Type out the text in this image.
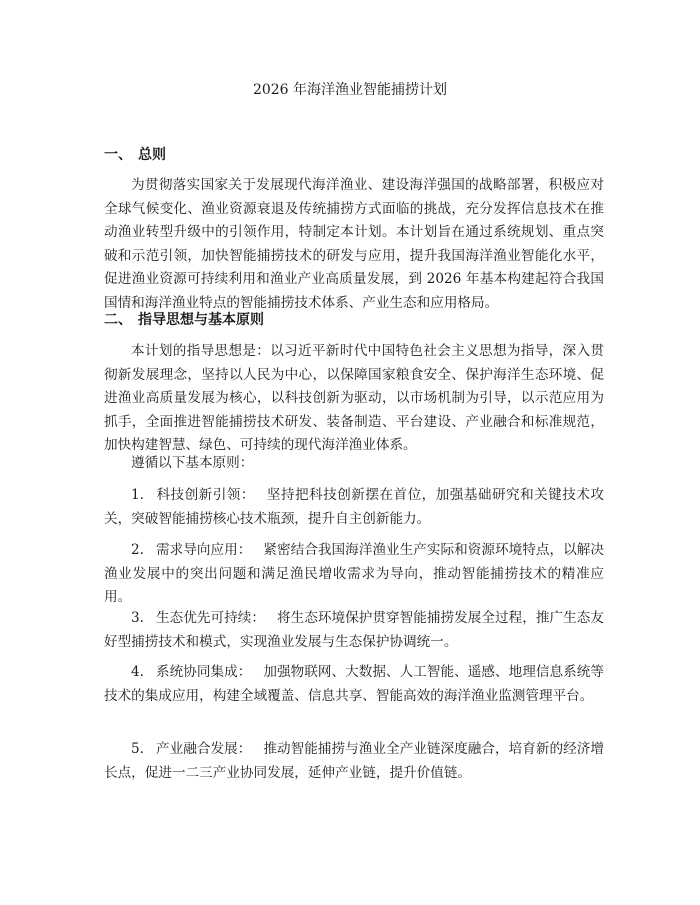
2026 年海洋渔业智能捕捞计划
一、 总则

为贯彻落实国家关于发展现代海洋渔业、建设海洋强国的战略部署，积极应对全球气候变化、渔业资源衰退及传统捕捞方式面临的挑战，充分发挥信息技术在推动渔业转型升级中的引领作用，特制定本计划。本计划旨在通过系统规划、重点突破和示范引领，加快智能捕捞技术的研发与应用，提升我国海洋渔业智能化水平，促进渔业资源可持续利用和渔业产业高质量发展，到 2026 年基本构建起符合我国国情和海洋渔业特点的智能捕捞技术体系、产业生态和应用格局。

二、 指导思想与基本原则

本计划的指导思想是：以习近平新时代中国特色社会主义思想为指导，深入贯彻新发展理念，坚持以人民为中心，以保障国家粮食安全、保护海洋生态环境、促进渔业高质量发展为核心，以科技创新为驱动，以市场机制为引导，以示范应用为抓手，全面推进智能捕捞技术研发、装备制造、平台建设、产业融合和标准规范，加快构建智慧、绿色、可持续的现代海洋渔业体系。

遵循以下基本原则：

1. 科技创新引领： 坚持把科技创新摆在首位，加强基础研究和关键技术攻关，突破智能捕捞核心技术瓶颈，提升自主创新能力。

2. 需求导向应用： 紧密结合我国海洋渔业生产实际和资源环境特点，以解决渔业发展中的突出问题和满足渔民增收需求为导向，推动智能捕捞技术的精准应用。

3. 生态优先可持续： 将生态环境保护贯穿智能捕捞发展全过程，推广生态友好型捕捞技术和模式，实现渔业发展与生态保护协调统一。

4. 系统协同集成： 加强物联网、大数据、人工智能、遥感、地理信息系统等技术的集成应用，构建全域覆盖、信息共享、智能高效的海洋渔业监测管理平台。

5. 产业融合发展： 推动智能捕捞与渔业全产业链深度融合，培育新的经济增长点，促进一二三产业协同发展，延伸产业链，提升价值链。
